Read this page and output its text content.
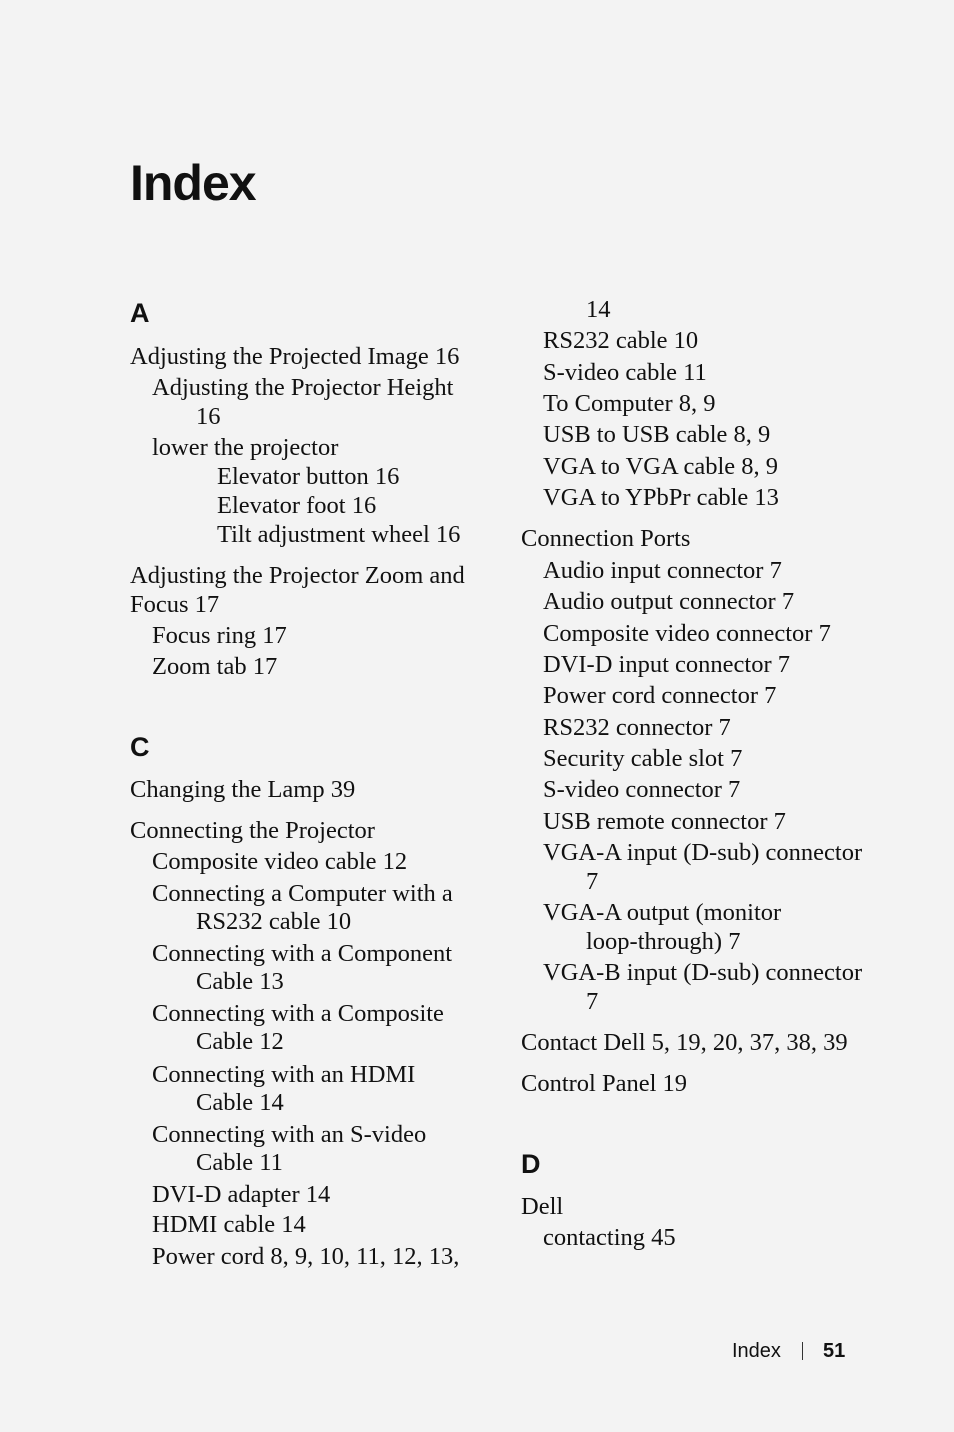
Index
A
Adjusting the Projected Image 16
Adjusting the Projector Height
16
lower the projector
Elevator button 16
Elevator foot 16
Tilt adjustment wheel 16
Adjusting the Projector Zoom and
Focus 17
Focus ring 17
Zoom tab 17
C
Changing the Lamp 39
Connecting the Projector
Composite video cable 12
Connecting a Computer with a
RS232 cable 10
Connecting with a Component
Cable 13
Connecting with a Composite
Cable 12
Connecting with an HDMI
Cable 14
Connecting with an S-video
Cable 11
DVI-D adapter 14
HDMI cable 14
Power cord 8, 9, 10, 11, 12, 13,
14
RS232 cable 10
S-video cable 11
To Computer 8, 9
USB to USB cable 8, 9
VGA to VGA cable 8, 9
VGA to YPbPr cable 13
Connection Ports
Audio input connector 7
Audio output connector 7
Composite video connector 7
DVI-D input connector 7
Power cord connector 7
RS232 connector 7
Security cable slot 7
S-video connector 7
USB remote connector 7
VGA-A input (D-sub) connector
7
VGA-A output (monitor
loop-through) 7
VGA-B input (D-sub) connector
7
Contact Dell 5, 19, 20, 37, 38, 39
Control Panel 19
D
Dell
contacting 45
Index 51
